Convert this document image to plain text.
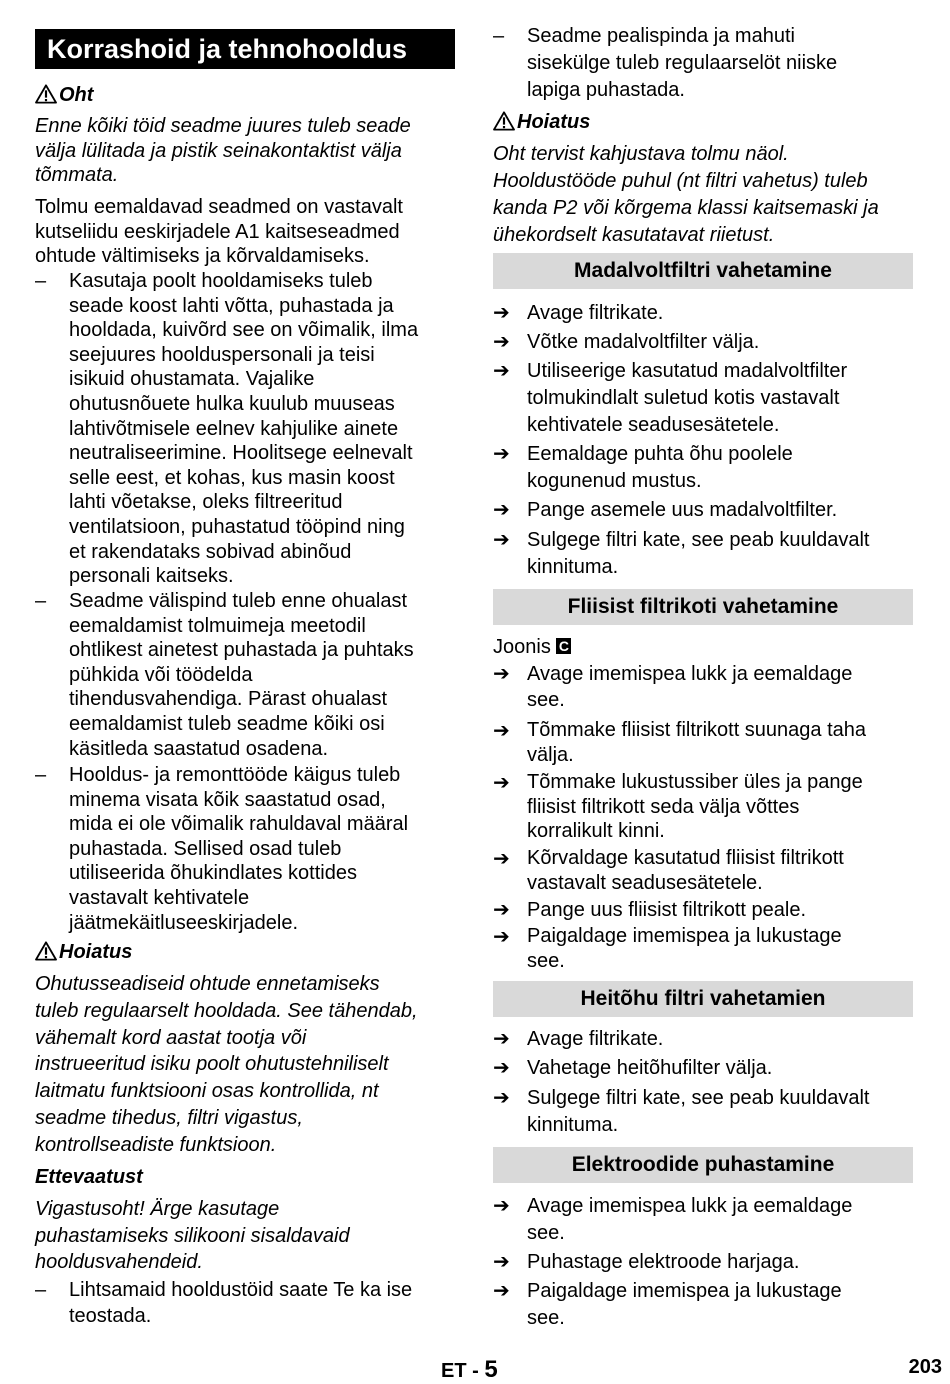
Korrashoid ja tehnohooldus
Oht
Enne kõiki töid seadme juures tuleb seade
välja lülitada ja pistik seinakontaktist välja
tõmmata.
Tolmu eemaldavad seadmed on vastavalt
kutseliidu eeskirjadele A1 kaitseseadmed
ohtude vältimiseks ja kõrvaldamiseks.
– Kasutaja poolt hooldamiseks tuleb
seade koost lahti võtta, puhastada ja
hooldada, kuivõrd see on võimalik, ilma
seejuures hoolduspersonali ja teisi
isikuid ohustamata. Vajalike
ohutusnõuete hulka kuulub muuseas
lahtivõtmisele eelnev kahjulike ainete
neutraliseerimine. Hoolitsege eelnevalt
selle eest, et kohas, kus masin koost
lahti võetakse, oleks filtreeritud
ventilatsioon, puhastatud tööpind ning
et rakendataks sobivad abinõud
personali kaitseks.
– Seadme välispind tuleb enne ohualast
eemaldamist tolmuimeja meetodil
ohtlikest ainetest puhastada ja puhtaks
pühkida või töödelda
tihendusvahendiga. Pärast ohualast
eemaldamist tuleb seadme kõiki osi
käsitleda saastatud osadena.
– Hooldus- ja remonttööde käigus tuleb
minema visata kõik saastatud osad,
mida ei ole võimalik rahuldaval määral
puhastada. Sellised osad tuleb
utiliseerida õhukindlates kottides
vastavalt kehtivatele
jäätmekäitluseeskirjadele.
Hoiatus
Ohutusseadiseid ohtude ennetamiseks
tuleb regulaarselt hooldada. See tähendab,
vähemalt kord aastat tootja või
instrueeritud isiku poolt ohutustehniliselt
laitmatu funktsiooni osas kontrollida, nt
seadme tihedus, filtri vigastus,
kontrollseadiste funktsioon.
Ettevaatust
Vigastusoht! Ärge kasutage
puhastamiseks silikooni sisaldavaid
hooldusvahendeid.
– Lihtsamaid hooldustöid saate Te ka ise
teostada.
– Seadme pealispinda ja mahuti
sisekülge tuleb regulaarselöt niiske
lapiga puhastada.
Hoiatus
Oht tervist kahjustava tolmu näol.
Hooldustööde puhul (nt filtri vahetus) tuleb
kanda P2 või kõrgema klassi kaitsemaski ja
ühekordselt kasutatavat riietust.
Madalvoltfiltri vahetamine
➔ Avage filtrikate.
➔ Võtke madalvoltfilter välja.
➔ Utiliseerige kasutatud madalvoltfilter
tolmukindlalt suletud kotis vastavalt
kehtivatele seadusesätetele.
➔ Eemaldage puhta õhu poolele
kogunenud mustus.
➔ Pange asemele uus madalvoltfilter.
➔ Sulgege filtri kate, see peab kuuldavalt
kinnituma.
Fliisist filtrikoti vahetamine
Joonis C
➔ Avage imemispea lukk ja eemaldage
see.
➔ Tõmmake fliisist filtrikott suunaga taha
välja.
➔ Tõmmake lukustussiber üles ja pange
fliisist filtrikott seda välja võttes
korralikult kinni.
➔ Kõrvaldage kasutatud fliisist filtrikott
vastavalt seadusesätetele.
➔ Pange uus fliisist filtrikott peale.
➔ Paigaldage imemispea ja lukustage
see.
Heitõhu filtri vahetamien
➔ Avage filtrikate.
➔ Vahetage heitõhufilter välja.
➔ Sulgege filtri kate, see peab kuuldavalt
kinnituma.
Elektroodide puhastamine
➔ Avage imemispea lukk ja eemaldage
see.
➔ Puhastage elektroode harjaga.
➔ Paigaldage imemispea ja lukustage
see.
ET - 5	203
